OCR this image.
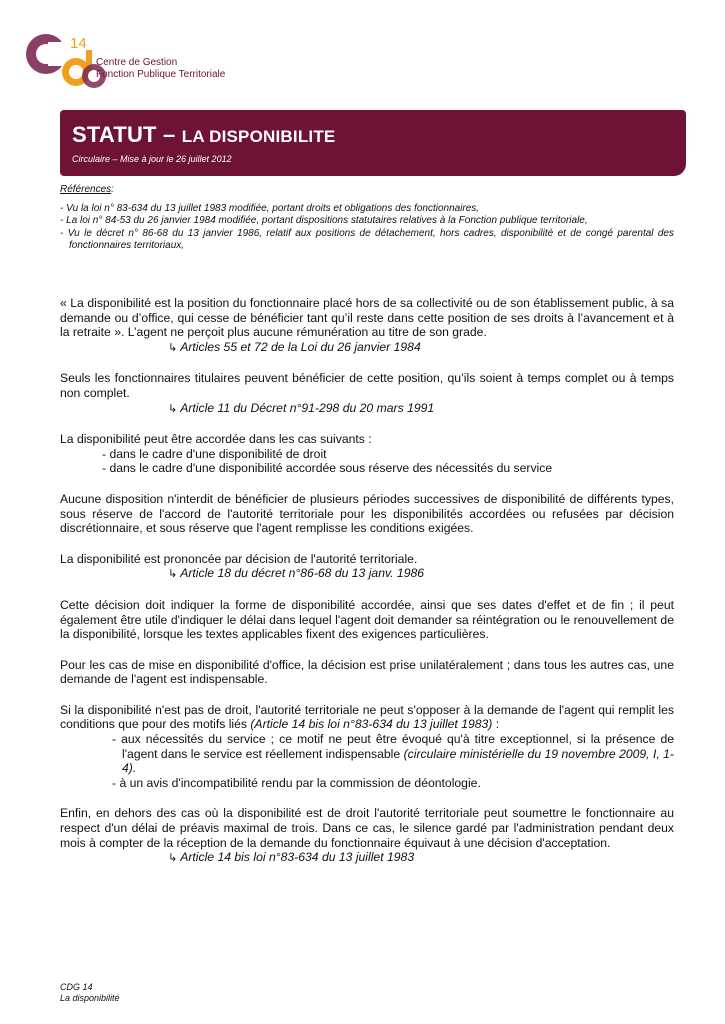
14
Centre de Gestion
Fonction Publique Territoriale
STATUT – LA DISPONIBILITE
Circulaire – Mise à jour le 26 juillet 2012
Références:
- Vu la loi n° 83-634 du 13 juillet 1983 modifiée, portant droits et obligations des fonctionnaires,
- La loi n° 84-53 du 26 janvier 1984 modifiée, portant dispositions statutaires relatives à la Fonction publique territoriale,
- Vu le décret n° 86-68 du 13 janvier 1986, relatif aux positions de détachement, hors cadres, disponibilité et de congé parental des fonctionnaires territoriaux,

« La disponibilité est la position du fonctionnaire placé hors de sa collectivité ou de son établissement public, à sa demande ou d’office, qui cesse de bénéficier tant qu’il reste dans cette position de ses droits à l’avancement et à la retraite ». L’agent ne perçoit plus aucune rémunération au titre de son grade.
↳ Articles 55 et 72 de la Loi du 26 janvier 1984

Seuls les fonctionnaires titulaires peuvent bénéficier de cette position, qu’ils soient à temps complet ou à temps non complet.
↳ Article 11 du Décret n°91-298 du 20 mars 1991

La disponibilité peut être accordée dans les cas suivants :
- dans le cadre d'une disponibilité de droit
- dans le cadre d'une disponibilité accordée sous réserve des nécessités du service

Aucune disposition n'interdit de bénéficier de plusieurs périodes successives de disponibilité de différents types, sous réserve de l'accord de l'autorité territoriale pour les disponibilités accordées ou refusées par décision discrétionnaire, et sous réserve que l'agent remplisse les conditions exigées.

La disponibilité est prononcée par décision de l'autorité territoriale.
↳ Article 18 du décret n°86-68 du 13 janv. 1986

Cette décision doit indiquer la forme de disponibilité accordée, ainsi que ses dates d'effet et de fin ; il peut également être utile d'indiquer le délai dans lequel l'agent doit demander sa réintégration ou le renouvellement de la disponibilité, lorsque les textes applicables fixent des exigences particulières.

Pour les cas de mise en disponibilité d'office, la décision est prise unilatéralement ; dans tous les autres cas, une demande de l'agent est indispensable.

Si la disponibilité n'est pas de droit, l'autorité territoriale ne peut s'opposer à la demande de l'agent qui remplit les conditions que pour des motifs liés (Article 14 bis loi n°83-634 du 13 juillet 1983) :
- aux nécessités du service ; ce motif ne peut être évoqué qu'à titre exceptionnel, si la présence de l'agent dans le service est réellement indispensable (circulaire ministérielle du 19 novembre 2009, I, 1-4).
- à un avis d'incompatibilité rendu par la commission de déontologie.

Enfin, en dehors des cas où la disponibilité est de droit l'autorité territoriale peut soumettre le fonctionnaire au respect d'un délai de préavis maximal de trois. Dans ce cas, le silence gardé par l'administration pendant deux mois à compter de la réception de la demande du fonctionnaire équivaut à une décision d'acceptation.
↳ Article 14 bis loi n°83-634 du 13 juillet 1983

CDG 14
La disponibilité
